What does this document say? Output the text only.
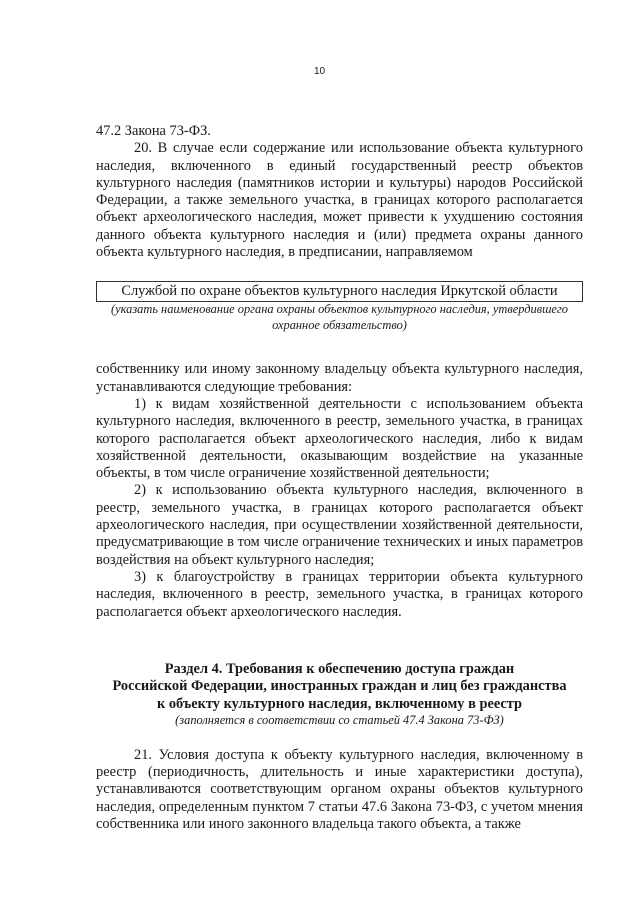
10

47.2 Закона 73-ФЗ.

20. В случае если содержание или использование объекта культурного наследия, включенного в единый государственный реестр объектов культурного наследия (памятников истории и культуры) народов Российской Федерации, а также земельного участка, в границах которого располагается объект археологического наследия, может привести к ухудшению состояния данного объекта культурного наследия и (или) предмета охраны данного объекта культурного наследия, в предписании, направляемом

Службой по охране объектов культурного наследия Иркутской области
(указать наименование органа охраны объектов культурного наследия, утвердившего охранное обязательство)

собственнику или иному законному владельцу объекта культурного наследия, устанавливаются следующие требования:

1) к видам хозяйственной деятельности с использованием объекта культурного наследия, включенного в реестр, земельного участка, в границах которого располагается объект археологического наследия, либо к видам хозяйственной деятельности, оказывающим воздействие на указанные объекты, в том числе ограничение хозяйственной деятельности;

2) к использованию объекта культурного наследия, включенного в реестр, земельного участка, в границах которого располагается объект археологического наследия, при осуществлении хозяйственной деятельности, предусматривающие в том числе ограничение технических и иных параметров воздействия на объект культурного наследия;

3) к благоустройству в границах территории объекта культурного наследия, включенного в реестр, земельного участка, в границах которого располагается объект археологического наследия.

Раздел 4. Требования к обеспечению доступа граждан
Российской Федерации, иностранных граждан и лиц без гражданства
к объекту культурного наследия, включенному в реестр
(заполняется в соответствии со статьей 47.4 Закона 73-ФЗ)

21. Условия доступа к объекту культурного наследия, включенному в реестр (периодичность, длительность и иные характеристики доступа), устанавливаются соответствующим органом охраны объектов культурного наследия, определенным пунктом 7 статьи 47.6 Закона 73-ФЗ, с учетом мнения собственника или иного законного владельца такого объекта, а также
